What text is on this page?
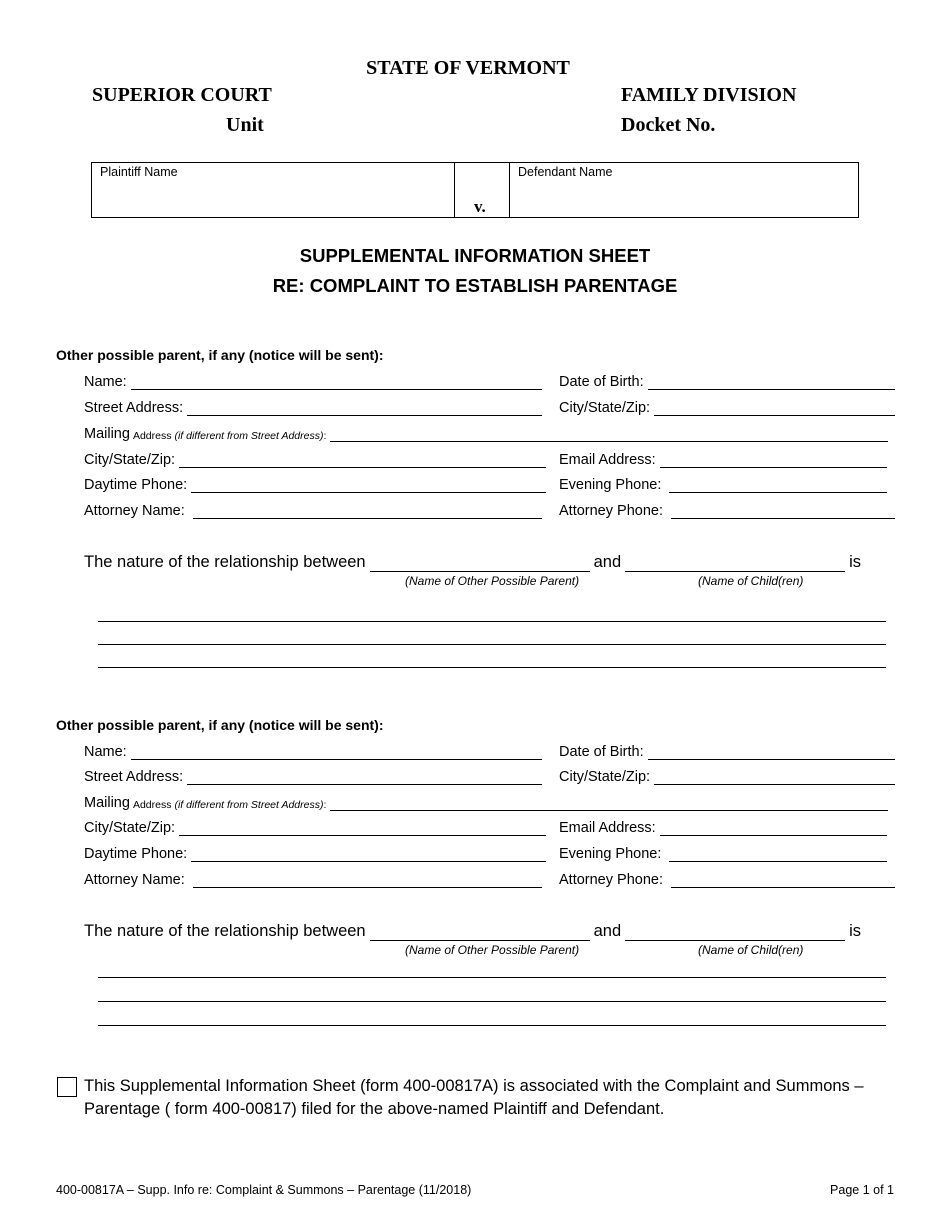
STATE OF VERMONT
SUPERIOR COURT
Unit
FAMILY DIVISION
Docket No.
Plaintiff Name
v.
Defendant Name
SUPPLEMENTAL INFORMATION SHEET
RE: COMPLAINT TO ESTABLISH PARENTAGE
Other possible parent, if any (notice will be sent):
Name:	Date of Birth:
Street Address:	City/State/Zip:
Mailing Address (if different from Street Address) :
City/State/Zip:	Email Address:
Daytime Phone:	Evening Phone:
Attorney Name:	Attorney Phone:
The nature of the relationship between	and	is
(Name of Other Possible Parent)	(Name of Child(ren)
Other possible parent, if any (notice will be sent):
Name:	Date of Birth:
Street Address:	City/State/Zip:
Mailing Address (if different from Street Address) :
City/State/Zip:	Email Address:
Daytime Phone:	Evening Phone:
Attorney Name:	Attorney Phone:
The nature of the relationship between	and	is
(Name of Other Possible Parent)	(Name of Child(ren)
This Supplemental Information Sheet (form 400-00817A) is associated with the Complaint and Summons – Parentage ( form 400-00817) filed for the above-named Plaintiff and Defendant.
400-00817A – Supp. Info re: Complaint & Summons – Parentage (11/2018)	Page 1 of 1
